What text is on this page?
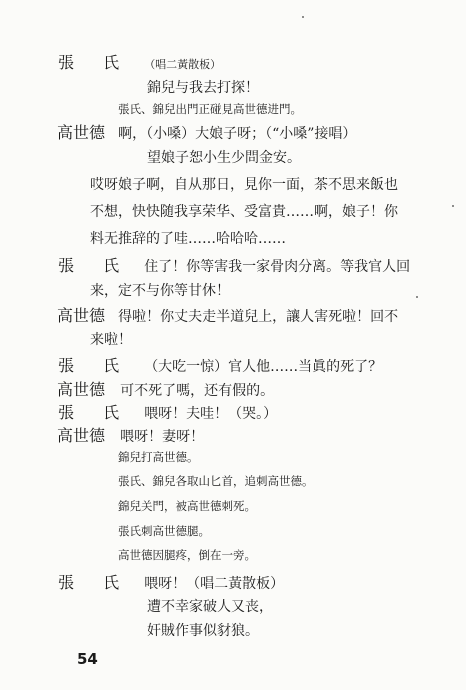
張 氏 （唱二黃散板）
錦兒与我去打探！
張氏、錦兒出門正碰見高世德进門。
高世德 啊，（小嗓）大娘子呀；（“小嗓”接唱）
望娘子恕小生少問金安。
哎呀娘子啊，自从那日，見你一面，茶不思来飯也
不想，快快随我享荣华、受富貴……啊，娘子！你
料无推辞的了哇……哈哈哈……
張 氏 住了！你等害我一家骨肉分离。等我官人回
来，定不与你等甘休！
高世德 得啦！你丈夫走半道兒上，讓人害死啦！回不
来啦！
張 氏 （大吃一惊）官人他……当眞的死了？
高世德 可不死了嗎，还有假的。
張 氏 喂呀！夫哇！（哭。）
高世德 喂呀！妻呀！
錦兒打高世德。
張氏、錦兒各取山匕首，追刺高世德。
錦兒关門，被高世德刺死。
張氏刺高世德腿。
高世德因腿疼，倒在一旁。
張 氏 喂呀！（唱二黃散板）
遭不幸家破人又丧，
奸賊作事似豺狼。
54
